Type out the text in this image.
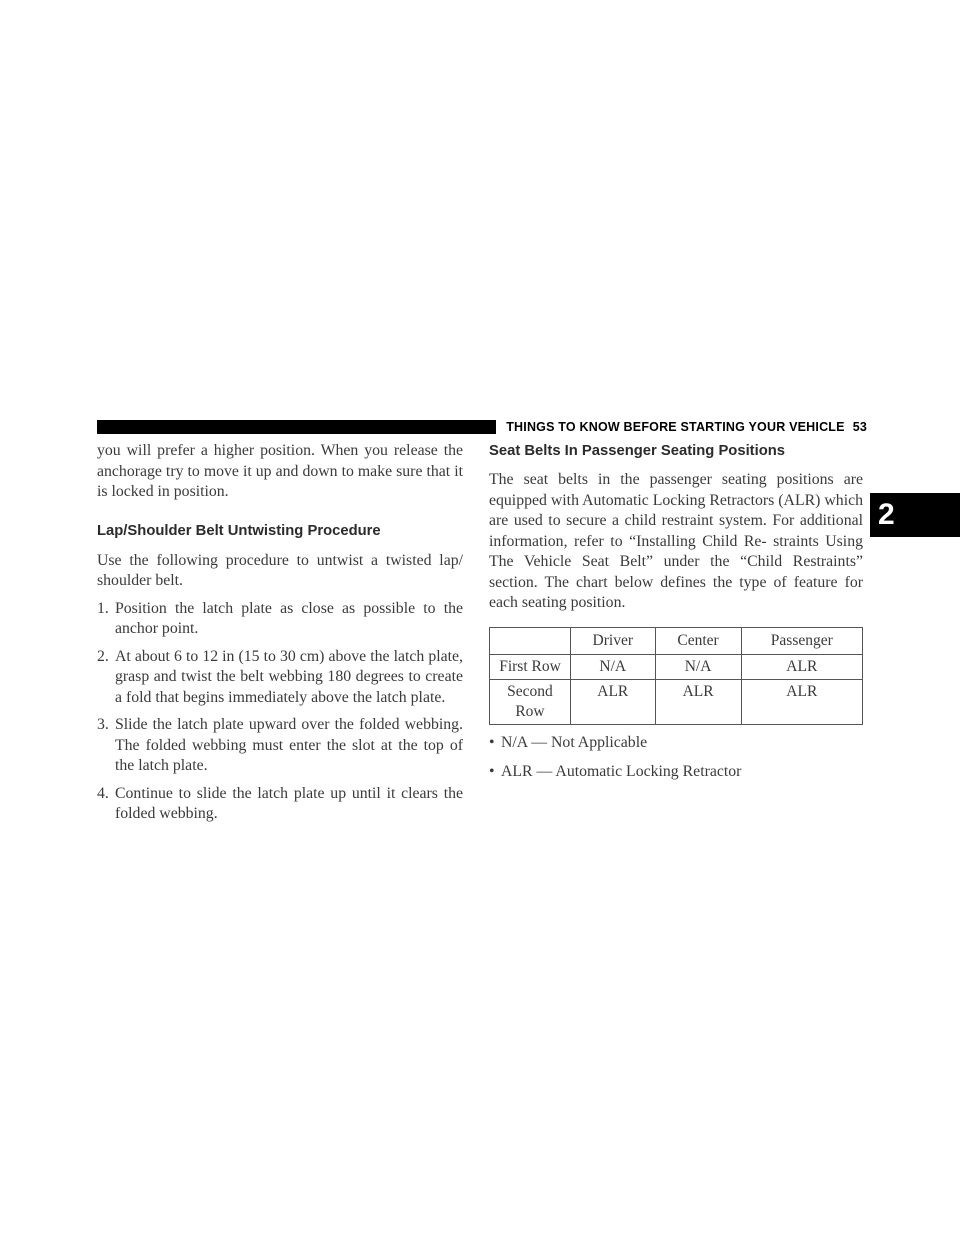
THINGS TO KNOW BEFORE STARTING YOUR VEHICLE 53
2

you will prefer a higher position. When you release the anchorage try to move it up and down to make sure that it is locked in position.

Lap/Shoulder Belt Untwisting Procedure

Use the following procedure to untwist a twisted lap/ shoulder belt.

1. Position the latch plate as close as possible to the anchor point.
2. At about 6 to 12 in (15 to 30 cm) above the latch plate, grasp and twist the belt webbing 180 degrees to create a fold that begins immediately above the latch plate.
3. Slide the latch plate upward over the folded webbing. The folded webbing must enter the slot at the top of the latch plate.
4. Continue to slide the latch plate up until it clears the folded webbing.
Seat Belts In Passenger Seating Positions

The seat belts in the passenger seating positions are equipped with Automatic Locking Retractors (ALR) which are used to secure a child restraint system. For additional information, refer to “Installing Child Re- straints Using The Vehicle Seat Belt” under the “Child Restraints” section. The chart below defines the type of feature for each seating position.

	Driver	Center	Passenger
First Row	N/A	N/A	ALR
Second Row	ALR	ALR	ALR
• N/A — Not Applicable
• ALR — Automatic Locking Retractor
